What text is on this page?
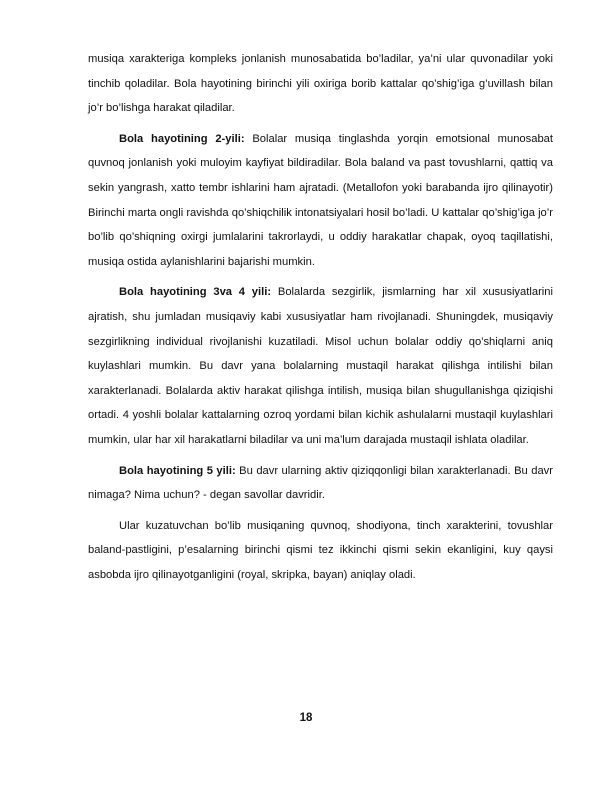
musiqa xarakteriga kompleks jonlanish munosabatida bo’ladilar, ya’ni ular quvonadilar yoki tinchib qoladilar. Bola hayotining birinchi yili oxiriga borib kattalar qo’shig’iga g’uvillash bilan jo’r bo’lishga harakat qiladilar.

Bola hayotining 2-yili: Bolalar musiqa tinglashda yorqin emotsional munosabat quvnoq jonlanish yoki muloyim kayfiyat bildiradilar. Bola baland va past tovushlarni, qattiq va sekin yangrash, xatto tembr ishlarini ham ajratadi. (Metallofon yoki barabanda ijro qilinayotir) Birinchi marta ongli ravishda qo’shiqchilik intonatsiyalari hosil bo’ladi. U kattalar qo’shig’iga jo’r bo’lib qo’shiqning oxirgi jumlalarini takrorlaydi, u oddiy harakatlar chapak, oyoq taqillatishi, musiqa ostida aylanishlarini bajarishi mumkin.

Bola hayotining 3va 4 yili: Bolalarda sezgirlik, jismlarning har xil xususiyatlarini ajratish, shu jumladan musiqaviy kabi xususiyatlar ham rivojlanadi. Shuningdek, musiqaviy sezgirlikning individual rivojlanishi kuzatiladi. Misol uchun bolalar oddiy qo’shiqlarni aniq kuylashlari mumkin. Bu davr yana bolalarning mustaqil harakat qilishga intilishi bilan xarakterlanadi. Bolalarda aktiv harakat qilishga intilish, musiqa bilan shugullanishga qiziqishi ortadi. 4 yoshli bolalar kattalarning ozroq yordami bilan kichik ashulalarni mustaqil kuylashlari mumkin, ular har xil harakatlarni biladilar va uni ma’lum darajada mustaqil ishlata oladilar.

Bola hayotining 5 yili: Bu davr ularning aktiv qiziqqonligi bilan xarakterlanadi. Bu davr nimaga? Nima uchun? - degan savollar davridir.

Ular kuzatuvchan bo’lib musiqaning quvnoq, shodiyona, tinch xarakterini, tovushlar baland-pastligini, p’esalarning birinchi qismi tez ikkinchi qismi sekin ekanligini, kuy qaysi asbobda ijro qilinayotganligini (royal, skripka, bayan) aniqlay oladi.

18
